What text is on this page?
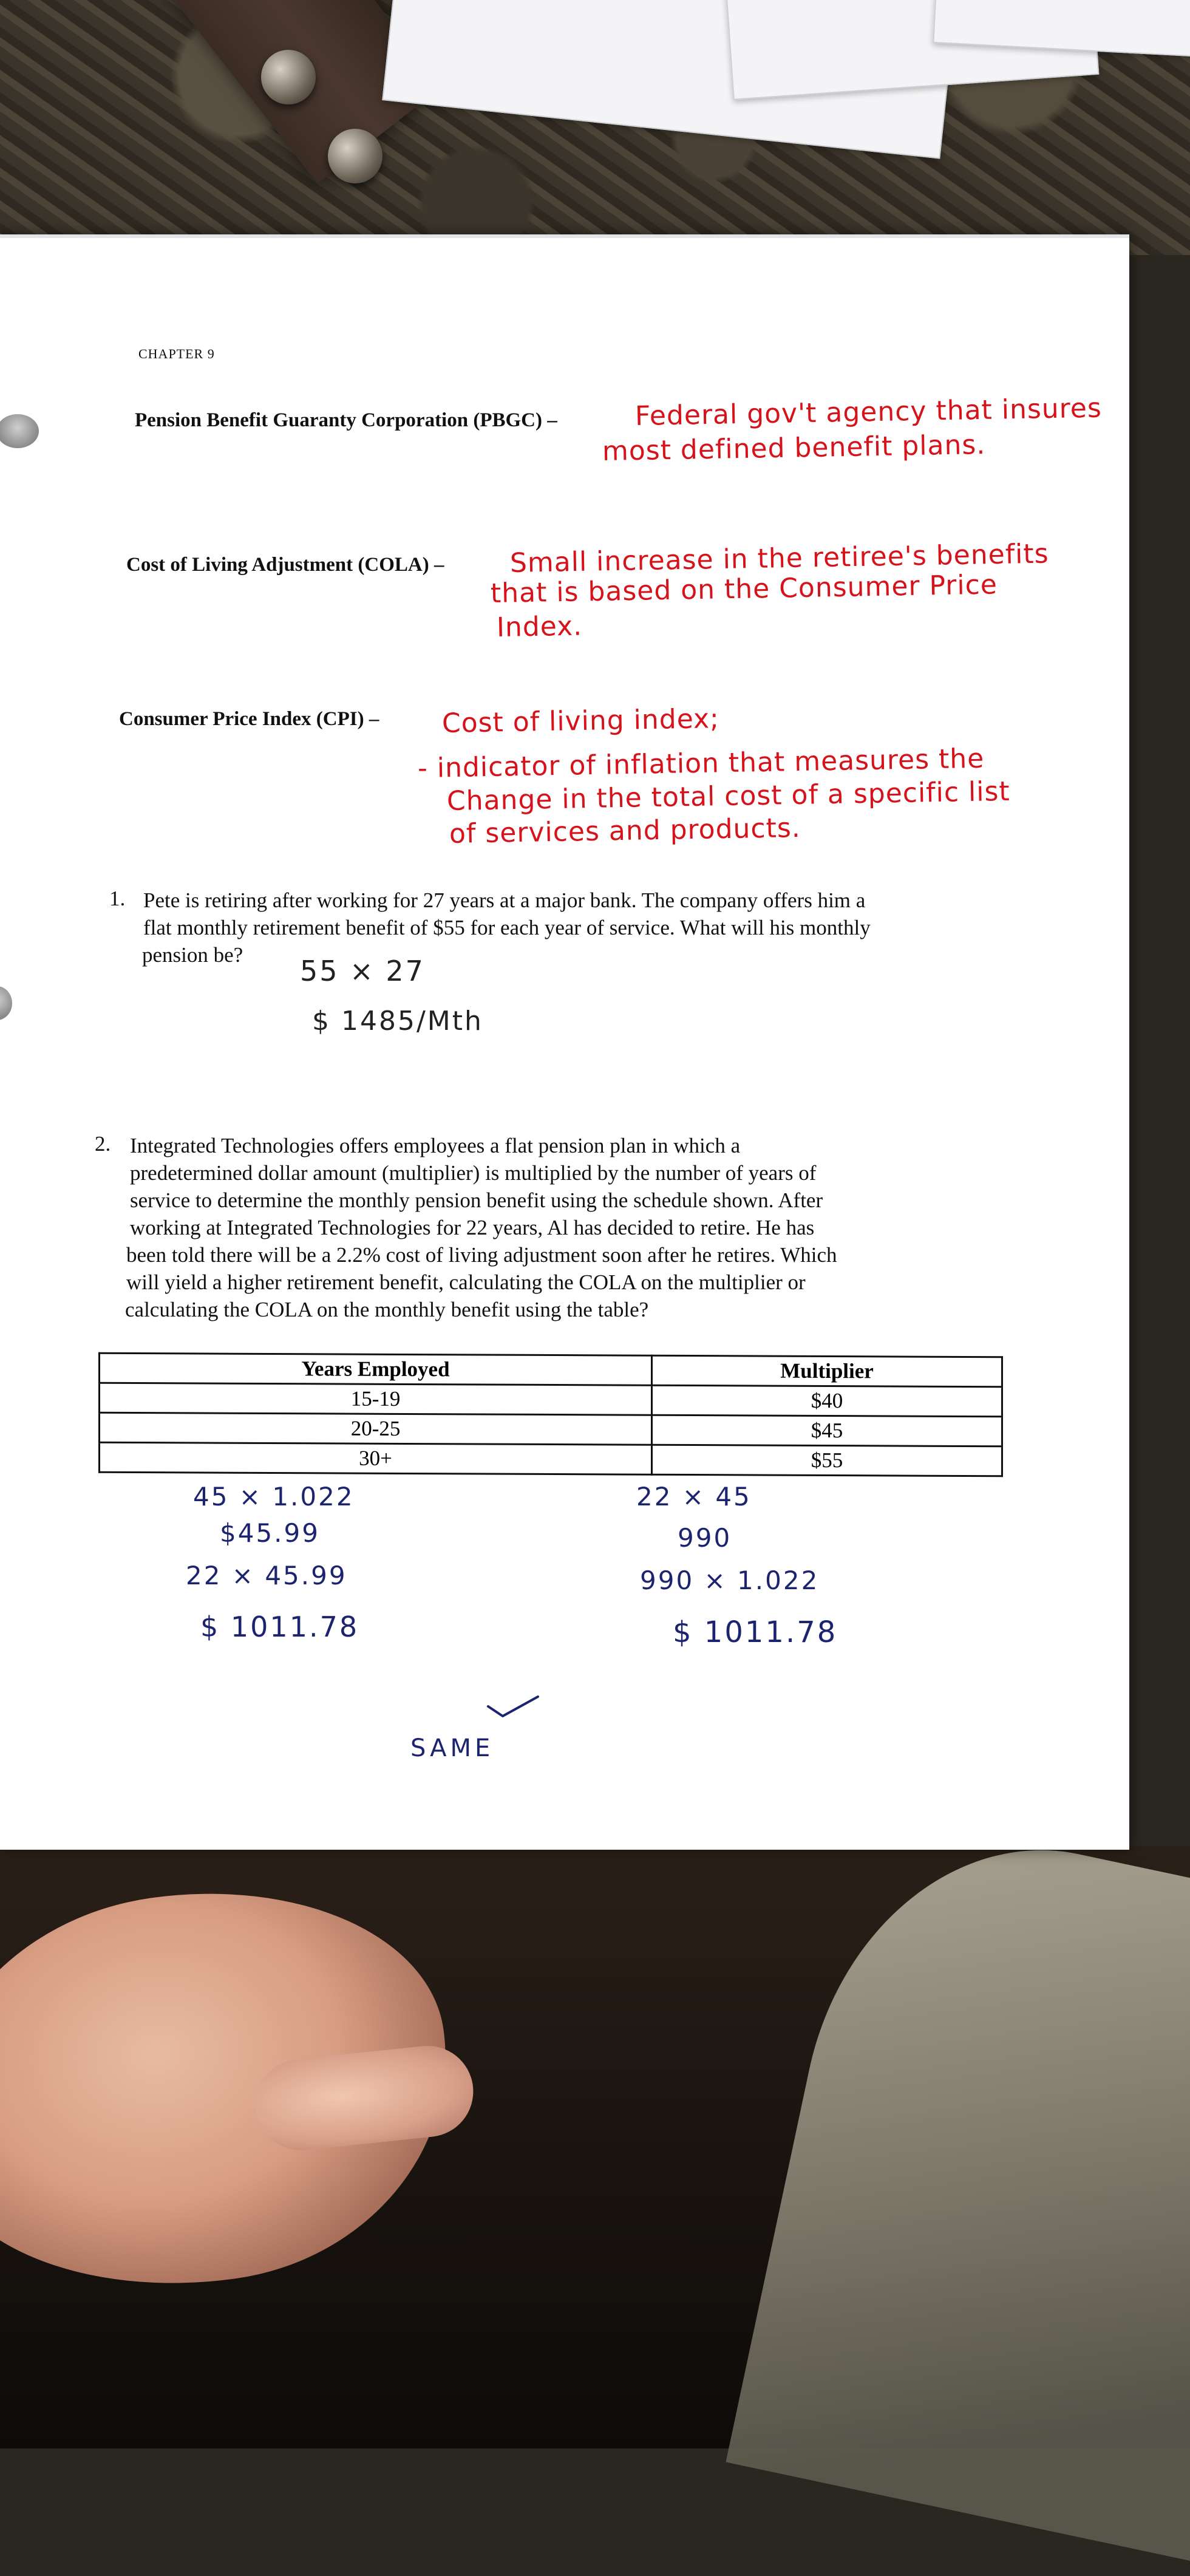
CHAPTER 9
Pension Benefit Guaranty Corporation (PBGC) –	Federal gov't agency that insures
most defined benefit plans.
Cost of Living Adjustment (COLA) – Small increase in the retiree's benefits
that is based on the Consumer Price
Index.
Consumer Price Index (CPI) – Cost of living index;
- indicator of inflation that measures the
Change in the total cost of a specific list
of services and products.
1. Pete is retiring after working for 27 years at a major bank. The company offers him a
flat monthly retirement benefit of $55 for each year of service. What will his monthly
pension be?	55 × 27
$ 1485/Mth
2. Integrated Technologies offers employees a flat pension plan in which a
predetermined dollar amount (multiplier) is multiplied by the number of years of
service to determine the monthly pension benefit using the schedule shown. After
working at Integrated Technologies for 22 years, Al has decided to retire. He has
been told there will be a 2.2% cost of living adjustment soon after he retires. Which
will yield a higher retirement benefit, calculating the COLA on the multiplier or
calculating the COLA on the monthly benefit using the table?
Years Employed	Multiplier
15-19	$40
20-25	$45
30+	$55
45 × 1.022
$45.99
22 × 45.99
$ 1011.78
22 × 45
990
990 × 1.022
$ 1011.78
SAME
